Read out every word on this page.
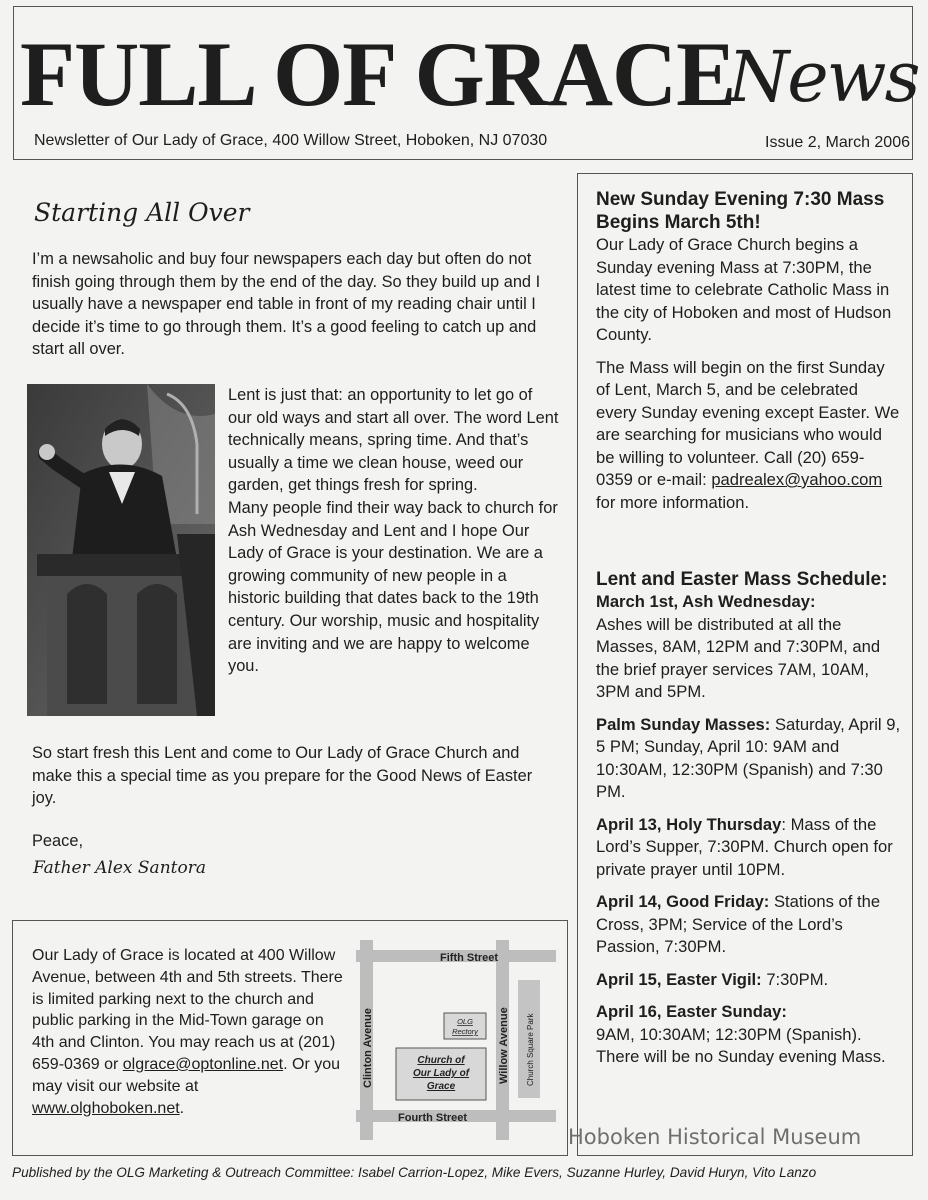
FULL OF GRACE
News
Newsletter of Our Lady of Grace, 400 Willow Street, Hoboken, NJ 07030	Issue 2, March 2006
Starting All Over
I’m a newsaholic and buy four newspapers each day but often do not finish going through them by the end of the day. So they build up and I usually have a newspaper end table in front of my reading chair until I decide it’s time to go through them. It’s a good feeling to catch up and start all over.
Lent is just that: an opportunity to let go of our old ways and start all over. The word Lent technically means, spring time. And that’s usually a time we clean house, weed our garden, get things fresh for spring.
Many people find their way back to church for Ash Wednesday and Lent and I hope Our Lady of Grace is your destination. We are a growing community of new people in a historic building that dates back to the 19th century. Our worship, music and hospitality are inviting and we are happy to welcome you.
So start fresh this Lent and come to Our Lady of Grace Church and make this a special time as you prepare for the Good News of Easter joy.
Peace,
Father Alex Santora
Our Lady of Grace is located at 400 Willow Avenue, between 4th and 5th streets. There is limited parking next to the church and public parking in the Mid-Town garage on 4th and Clinton. You may reach us at (201) 659-0369 or olgrace@optonline.net. Or you may visit our website at www.olghoboken.net.
Fifth Street
Fourth Street
Clinton Avenue	Willow Avenue Church Square Park
OLG
Rectory
Church of
Our Lady of
Grace
New Sunday Evening 7:30 Mass Begins March 5th!

Our Lady of Grace Church begins a Sunday evening Mass at 7:30PM, the latest time to celebrate Catholic Mass in the city of Hoboken and most of Hudson County.

The Mass will begin on the first Sunday of Lent, March 5, and be celebrated every Sunday evening except Easter. We are searching for musicians who would be willing to volunteer. Call (20) 659-0359 or e-mail: padrealex@yahoo.com for more information.

Lent and Easter Mass Schedule:

March 1st, Ash Wednesday:
Ashes will be distributed at all the Masses, 8AM, 12PM and 7:30PM, and the brief prayer services 7AM, 10AM, 3PM and 5PM.

Palm Sunday Masses: Saturday, April 9, 5 PM; Sunday, April 10: 9AM and 10:30AM, 12:30PM (Spanish) and 7:30 PM.

April 13, Holy Thursday: Mass of the Lord’s Supper, 7:30PM. Church open for private prayer until 10PM.

April 14, Good Friday: Stations of the Cross, 3PM; Service of the Lord’s Passion, 7:30PM.

April 15, Easter Vigil: 7:30PM.

April 16, Easter Sunday:
9AM, 10:30AM; 12:30PM (Spanish). There will be no Sunday evening Mass.

Hoboken Historical Museum
Published by the OLG Marketing & Outreach Committee: Isabel Carrion-Lopez, Mike Evers, Suzanne Hurley, David Huryn, Vito Lanzo
